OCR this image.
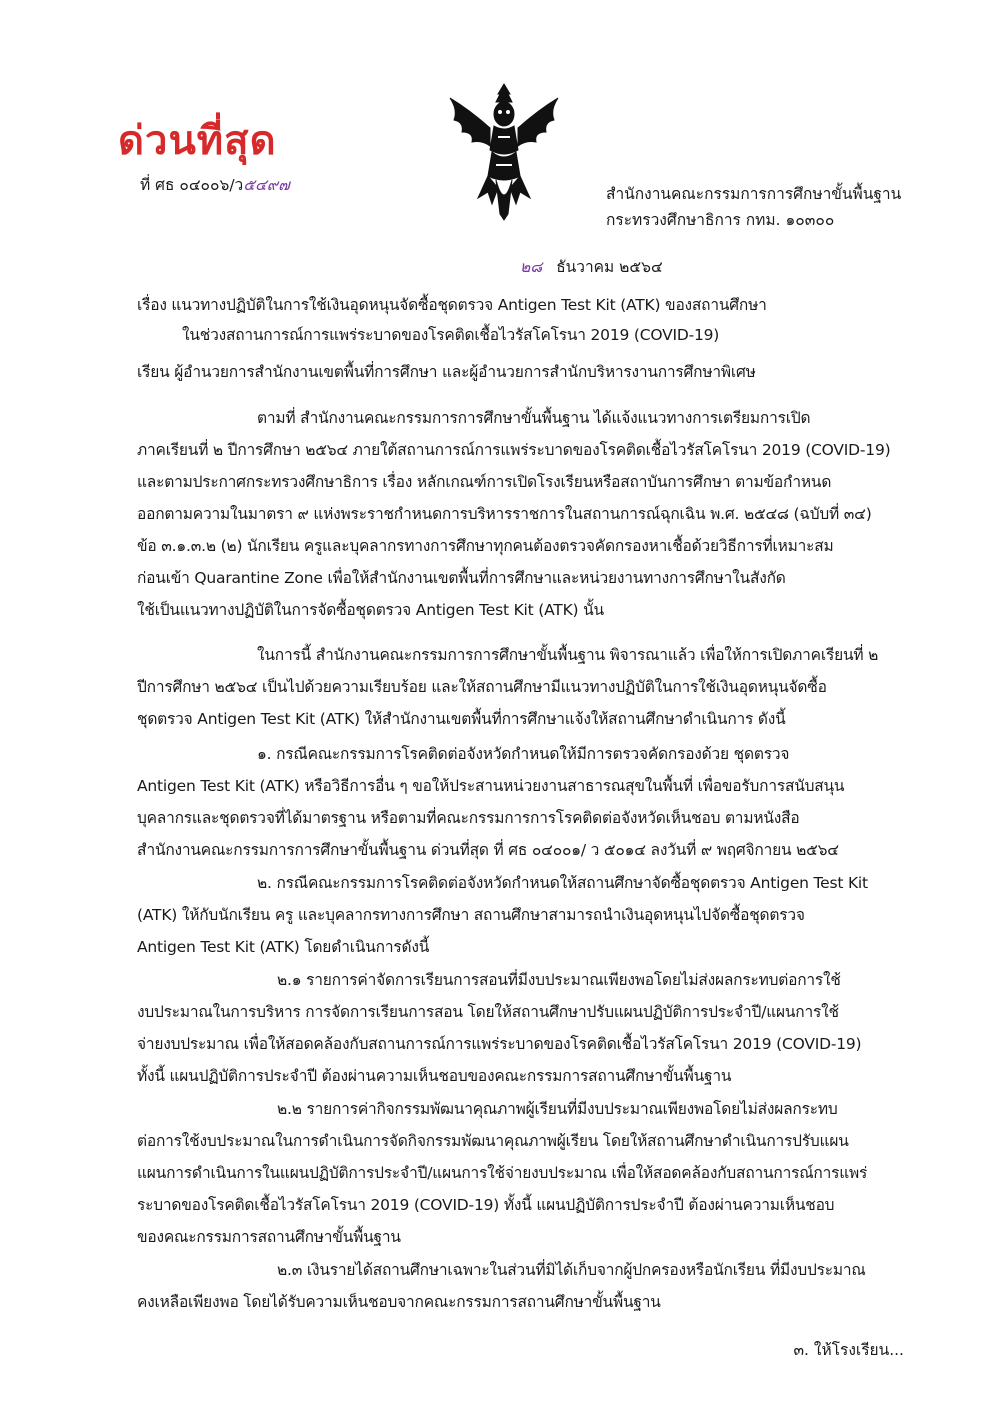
ด่วนที่สุด
ที่ ศธ ๐๔๐๐๖/ว๕๔๙๗	สำนักงานคณะกรรมการการศึกษาขั้นพื้นฐาน
กระทรวงศึกษาธิการ กทม. ๑๐๓๐๐
๒๘ ธันวาคม ๒๕๖๔
เรื่อง แนวทางปฏิบัติในการใช้เงินอุดหนุนจัดซื้อชุดตรวจ Antigen Test Kit (ATK) ของสถานศึกษา
ในช่วงสถานการณ์การแพร่ระบาดของโรคติดเชื้อไวรัสโคโรนา 2019 (COVID-19)
เรียน ผู้อำนวยการสำนักงานเขตพื้นที่การศึกษา และผู้อำนวยการสำนักบริหารงานการศึกษาพิเศษ
ตามที่ สำนักงานคณะกรรมการการศึกษาขั้นพื้นฐาน ได้แจ้งแนวทางการเตรียมการเปิด
ภาคเรียนที่ ๒ ปีการศึกษา ๒๕๖๔ ภายใต้สถานการณ์การแพร่ระบาดของโรคติดเชื้อไวรัสโคโรนา 2019 (COVID-19)
และตามประกาศกระทรวงศึกษาธิการ เรื่อง หลักเกณฑ์การเปิดโรงเรียนหรือสถาบันการศึกษา ตามข้อกำหนด
ออกตามความในมาตรา ๙ แห่งพระราชกำหนดการบริหารราชการในสถานการณ์ฉุกเฉิน พ.ศ. ๒๕๔๘ (ฉบับที่ ๓๔)
ข้อ ๓.๑.๓.๒ (๒) นักเรียน ครูและบุคลากรทางการศึกษาทุกคนต้องตรวจคัดกรองหาเชื้อด้วยวิธีการที่เหมาะสม
ก่อนเข้า Quarantine Zone เพื่อให้สำนักงานเขตพื้นที่การศึกษาและหน่วยงานทางการศึกษาในสังกัด
ใช้เป็นแนวทางปฏิบัติในการจัดซื้อชุดตรวจ Antigen Test Kit (ATK) นั้น
ในการนี้ สำนักงานคณะกรรมการการศึกษาขั้นพื้นฐาน พิจารณาแล้ว เพื่อให้การเปิดภาคเรียนที่ ๒
ปีการศึกษา ๒๕๖๔ เป็นไปด้วยความเรียบร้อย และให้สถานศึกษามีแนวทางปฏิบัติในการใช้เงินอุดหนุนจัดซื้อ
ชุดตรวจ Antigen Test Kit (ATK) ให้สำนักงานเขตพื้นที่การศึกษาแจ้งให้สถานศึกษาดำเนินการ ดังนี้
๑. กรณีคณะกรรมการโรคติดต่อจังหวัดกำหนดให้มีการตรวจคัดกรองด้วย ชุดตรวจ
Antigen Test Kit (ATK) หรือวิธีการอื่น ๆ ขอให้ประสานหน่วยงานสาธารณสุขในพื้นที่ เพื่อขอรับการสนับสนุน
บุคลากรและชุดตรวจที่ได้มาตรฐาน หรือตามที่คณะกรรมการการโรคติดต่อจังหวัดเห็นชอบ ตามหนังสือ
สำนักงานคณะกรรมการการศึกษาขั้นพื้นฐาน ด่วนที่สุด ที่ ศธ ๐๔๐๐๑/ ว ๕๐๑๔ ลงวันที่ ๙ พฤศจิกายน ๒๕๖๔
๒. กรณีคณะกรรมการโรคติดต่อจังหวัดกำหนดให้สถานศึกษาจัดซื้อชุดตรวจ Antigen Test Kit
(ATK) ให้กับนักเรียน ครู และบุคลากรทางการศึกษา สถานศึกษาสามารถนำเงินอุดหนุนไปจัดซื้อชุดตรวจ
Antigen Test Kit (ATK) โดยดำเนินการดังนี้
๒.๑ รายการค่าจัดการเรียนการสอนที่มีงบประมาณเพียงพอโดยไม่ส่งผลกระทบต่อการใช้
งบประมาณในการบริหาร การจัดการเรียนการสอน โดยให้สถานศึกษาปรับแผนปฏิบัติการประจำปี/แผนการใช้
จ่ายงบประมาณ เพื่อให้สอดคล้องกับสถานการณ์การแพร่ระบาดของโรคติดเชื้อไวรัสโคโรนา 2019 (COVID-19)
ทั้งนี้ แผนปฏิบัติการประจำปี ต้องผ่านความเห็นชอบของคณะกรรมการสถานศึกษาขั้นพื้นฐาน
๒.๒ รายการค่ากิจกรรมพัฒนาคุณภาพผู้เรียนที่มีงบประมาณเพียงพอโดยไม่ส่งผลกระทบ
ต่อการใช้งบประมาณในการดำเนินการจัดกิจกรรมพัฒนาคุณภาพผู้เรียน โดยให้สถานศึกษาดำเนินการปรับแผน
แผนการดำเนินการในแผนปฏิบัติการประจำปี/แผนการใช้จ่ายงบประมาณ เพื่อให้สอดคล้องกับสถานการณ์การแพร่
ระบาดของโรคติดเชื้อไวรัสโคโรนา 2019 (COVID-19) ทั้งนี้ แผนปฏิบัติการประจำปี ต้องผ่านความเห็นชอบ
ของคณะกรรมการสถานศึกษาขั้นพื้นฐาน
๒.๓ เงินรายได้สถานศึกษาเฉพาะในส่วนที่มิได้เก็บจากผู้ปกครองหรือนักเรียน ที่มีงบประมาณ
คงเหลือเพียงพอ โดยได้รับความเห็นชอบจากคณะกรรมการสถานศึกษาขั้นพื้นฐาน
๓. ให้โรงเรียน...
